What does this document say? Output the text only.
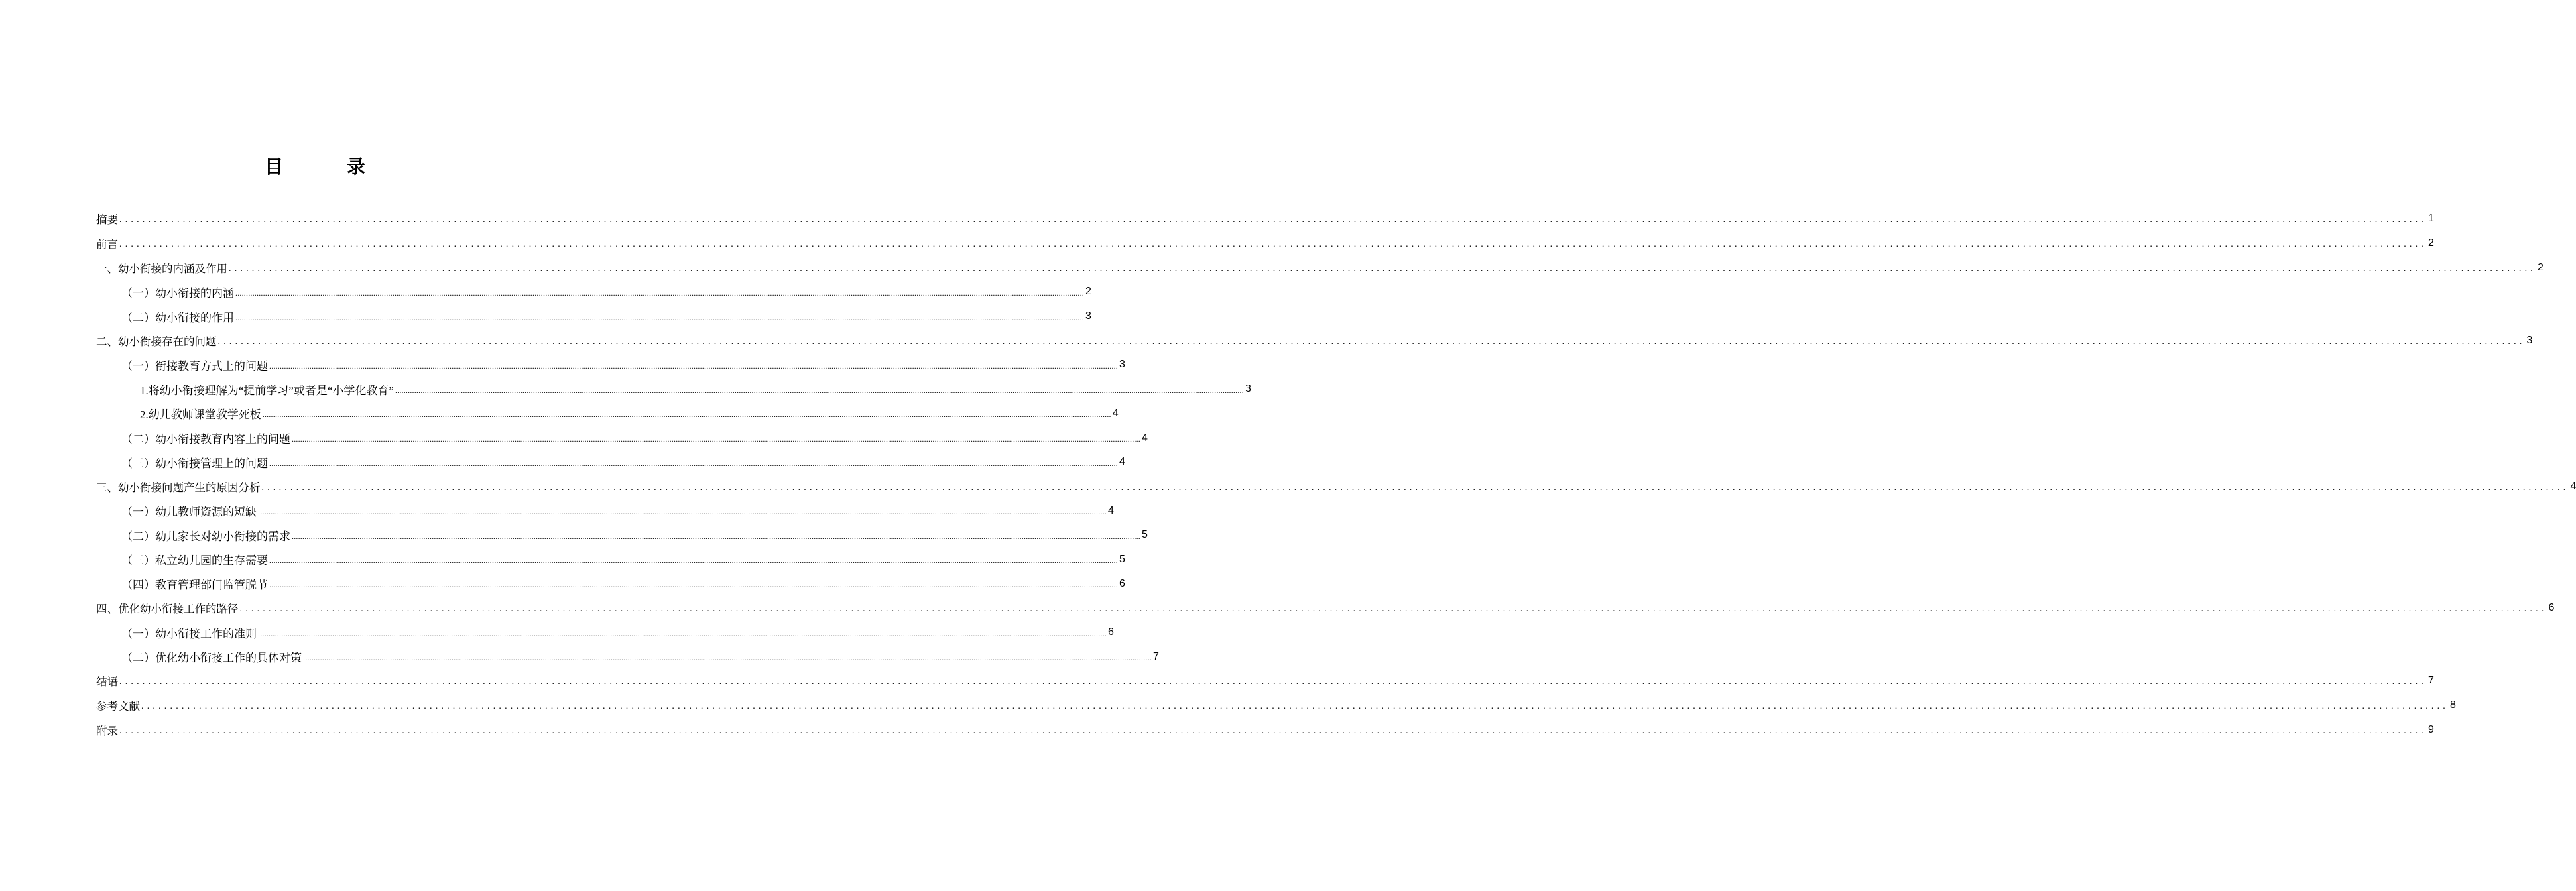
目　录
摘要 ................................................................................................................................................................................................................................................................................................................................................................................................................ 1
前言 ................................................................................................................................................................................................................................................................................................................................................................................................................ 2
一、幼小衔接的内涵及作用 ................................................................................................................................................................................................................................................................................................................................................................................................................ 2
（一）幼小衔接的内涵 ................................................................................................................................................................................................................................................................................................................................................................................................................ 2
（二）幼小衔接的作用 ................................................................................................................................................................................................................................................................................................................................................................................................................ 3
二、幼小衔接存在的问题 ................................................................................................................................................................................................................................................................................................................................................................................................................ 3
（一）衔接教育方式上的问题 ................................................................................................................................................................................................................................................................................................................................................................................................................ 3
1.将幼小衔接理解为“提前学习”或者是“小学化教育” ................................................................................................................................................................................................................................................................................................................................................................................................................ 3
2.幼儿教师课堂教学死板 ................................................................................................................................................................................................................................................................................................................................................................................................................ 4
（二）幼小衔接教育内容上的问题 ................................................................................................................................................................................................................................................................................................................................................................................................................ 4
（三）幼小衔接管理上的问题 ................................................................................................................................................................................................................................................................................................................................................................................................................ 4
三、幼小衔接问题产生的原因分析 ................................................................................................................................................................................................................................................................................................................................................................................................................ 4
（一）幼儿教师资源的短缺 ................................................................................................................................................................................................................................................................................................................................................................................................................ 4
（二）幼儿家长对幼小衔接的需求 ................................................................................................................................................................................................................................................................................................................................................................................................................ 5
（三）私立幼儿园的生存需要 ................................................................................................................................................................................................................................................................................................................................................................................................................ 5
（四）教育管理部门监管脱节 ................................................................................................................................................................................................................................................................................................................................................................................................................ 6
四、优化幼小衔接工作的路径 ................................................................................................................................................................................................................................................................................................................................................................................................................ 6
（一）幼小衔接工作的准则 ................................................................................................................................................................................................................................................................................................................................................................................................................ 6
（二）优化幼小衔接工作的具体对策 ................................................................................................................................................................................................................................................................................................................................................................................................................ 7
结语 ................................................................................................................................................................................................................................................................................................................................................................................................................ 7
参考文献 ................................................................................................................................................................................................................................................................................................................................................................................................................ 8
附录 ................................................................................................................................................................................................................................................................................................................................................................................................................ 9
